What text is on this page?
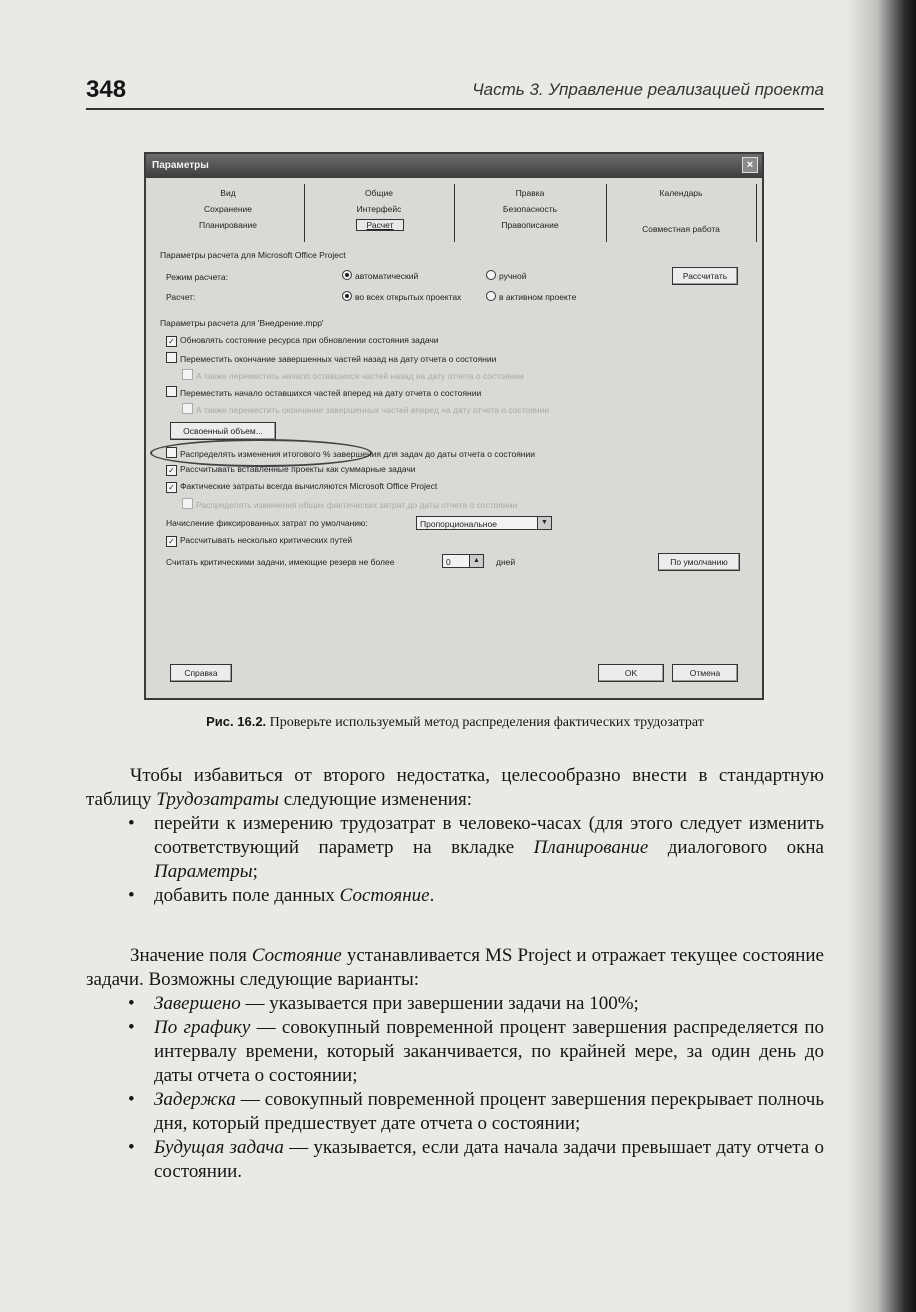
348	Часть 3. Управление реализацией проекта
Параметры	×
Вид
Сохранение
Планирование
Общие
Интерфейс
Расчет
Правка
Безопасность
Правописание
Календарь
Совместная работа
Параметры расчета для Microsoft Office Project
Режим расчета:	автоматический	ручной	Рассчитать
Расчет:	во всех открытых проектах	в активном проекте
Параметры расчета для 'Внедрение.mpp'
✓ Обновлять состояние ресурса при обновлении состояния задачи
Переместить окончание завершенных частей назад на дату отчета о состоянии
А также переместить начало оставшихся частей назад на дату отчета о состоянии
Переместить начало оставшихся частей вперед на дату отчета о состоянии
А также переместить окончание завершенных частей вперед на дату отчета о состоянии
Освоенный объем...
Распределять изменения итогового % завершения для задач до даты отчета о состоянии
✓ Рассчитывать вставленные проекты как суммарные задачи
✓ Фактические затраты всегда вычисляются Microsoft Office Project
Распределять изменения общих фактических затрат до даты отчета о состоянии
Начисление фиксированных затрат по умолчанию:	Пропорциональное	▼
✓ Рассчитывать несколько критических путей
Считать критическими задачи, имеющие резерв не более	0	▲	дней	По умолчанию
Справка	OK	Отмена
Рис. 16.2. Проверьте используемый метод распределения фактических трудозатрат

Чтобы избавиться от второго недостатка, целесообразно внести в стандартную таблицу Трудозатраты следующие изменения:

• перейти к измерению трудозатрат в человеко-часах (для этого следует изменить соответствующий параметр на вкладке Планирование диалогового окна Параметры;
• добавить поле данных Состояние.

Значение поля Состояние устанавливается MS Project и отражает текущее состояние задачи. Возможны следующие варианты:

• Завершено — указывается при завершении задачи на 100%;
• По графику — совокупный повременной процент завершения распределяется по интервалу времени, который заканчивается, по крайней мере, за один день до даты отчета о состоянии;
• Задержка — совокупный повременной процент завершения перекрывает полночь дня, который предшествует дате отчета о состоянии;
• Будущая задача — указывается, если дата начала задачи превышает дату отчета о состоянии.
